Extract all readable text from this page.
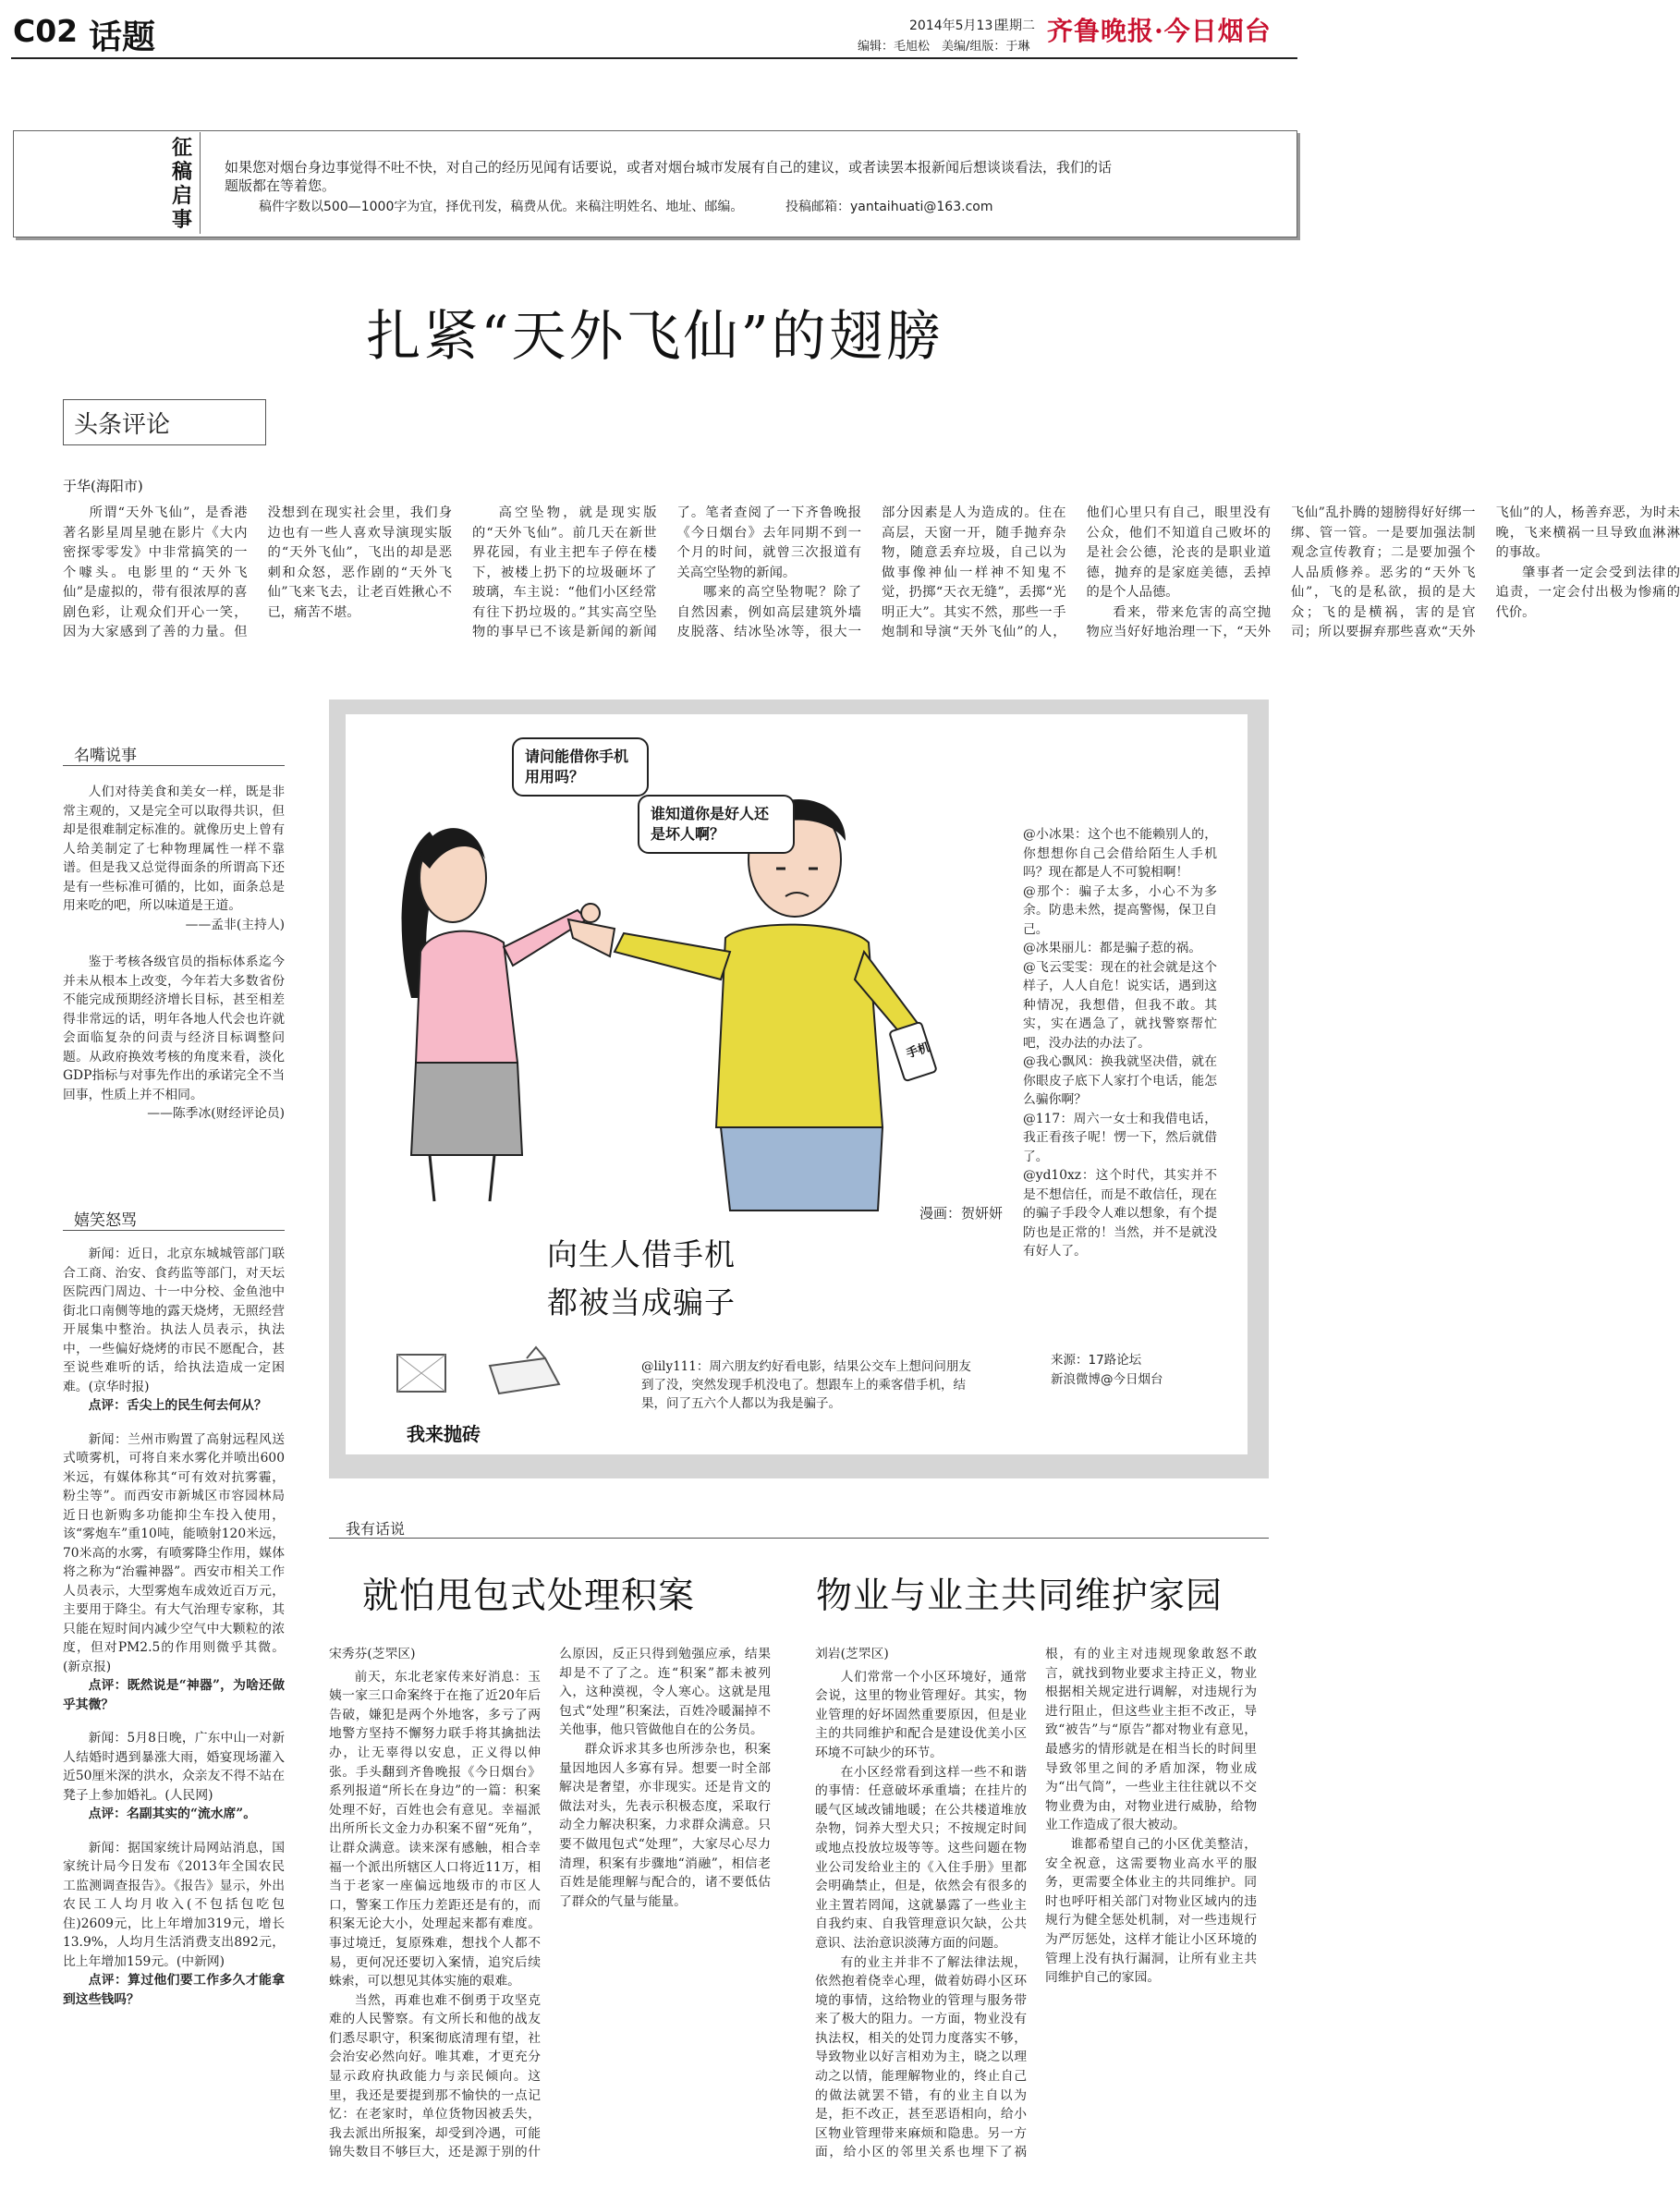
C02 话题	2014年5月13日
星期二
编辑：毛旭松　美编/组版：于琳
齐鲁晚报·今日烟台
征稿启事
如果您对烟台身边事觉得不吐不快，对自己的经历见闻有话要说，或者对烟台城市发展有自己的建议，或者读罢本报新闻后想谈谈看法，我们的话题版都在等着您。
稿件字数以500—1000字为宜，择优刊发，稿费从优。来稿注明姓名、地址、邮编。	投稿邮箱：yantaihuati@163.com
扎紧“天外飞仙”的翅膀
头条评论
于华(海阳市)

所谓“天外飞仙”，是香港著名影星周星驰在影片《大内密探零零发》中非常搞笑的一个噱头。电影里的“天外飞仙”是虚拟的，带有很浓厚的喜剧色彩，让观众们开心一笑，因为大家感到了善的力量。但没想到在现实社会里，我们身边也有一些人喜欢导演现实版的“天外飞仙”，飞出的却是恶刺和众怒，恶作剧的“天外飞仙”飞来飞去，让老百姓揪心不已，痛苦不堪。

高空坠物，就是现实版的“天外飞仙”。前几天在新世界花园，有业主把车子停在楼下，被楼上扔下的垃圾砸坏了玻璃，车主说：“他们小区经常有往下扔垃圾的。”其实高空坠物的事早已不该是新闻的新闻了。笔者查阅了一下齐鲁晚报《今日烟台》去年同期不到一个月的时间，就曾三次报道有关高空坠物的新闻。

哪来的高空坠物呢？除了自然因素，例如高层建筑外墙皮脱落、结冰坠冰等，很大一部分因素是人为造成的。住在高层，天窗一开，随手抛弃杂物，随意丢弃垃圾，自己以为做事像神仙一样神不知鬼不觉，扔掷“天衣无缝”，丢掷“光明正大”。其实不然，那些一手炮制和导演“天外飞仙”的人，他们心里只有自己，眼里没有公众，他们不知道自己败坏的是社会公德，沦丧的是职业道德，抛弃的是家庭美德，丢掉的是个人品德。

看来，带来危害的高空抛物应当好好地治理一下，“天外飞仙”乱扑腾的翅膀得好好绑一绑、管一管。一是要加强法制观念宣传教育；二是要加强个人品质修养。恶劣的“天外飞仙”，飞的是私欲，损的是大众；飞的是横祸，害的是官司；所以要摒弃那些喜欢“天外飞仙”的人，杨善弃恶，为时未晚，飞来横祸一旦导致血淋淋的事故。

肇事者一定会受到法律的追责，一定会付出极为惨痛的代价。

名嘴说事

人们对待美食和美女一样，既是非常主观的，又是完全可以取得共识，但却是很难制定标准的。就像历史上曾有人给美制定了七种物理属性一样不靠谱。但是我又总觉得面条的所谓高下还是有一些标准可循的，比如，面条总是用来吃的吧，所以味道是王道。

——孟非(主持人)

鉴于考核各级官员的指标体系迄今并未从根本上改变，今年若大多数省份不能完成预期经济增长目标，甚至相差得非常远的话，明年各地人代会也许就会面临复杂的问责与经济目标调整问题。从政府换效考核的角度来看，淡化GDP指标与对事先作出的承诺完全不当回事，性质上并不相同。

——陈季冰(财经评论员)

嬉笑怒骂

新闻：近日，北京东城城管部门联合工商、治安、食药监等部门，对天坛医院西门周边、十一中分校、金鱼池中街北口南侧等地的露天烧烤，无照经营开展集中整治。执法人员表示，执法中，一些偏好烧烤的市民不愿配合，甚至说些难听的话，给执法造成一定困难。(京华时报)

点评：舌尖上的民生何去何从？

新闻：兰州市购置了高射远程风送式喷雾机，可将自来水雾化并喷出600米远，有媒体称其“可有效对抗雾霾，粉尘等”。而西安市新城区市容园林局近日也新购多功能抑尘车投入使用，该“雾炮车”重10吨，能喷射120米远，70米高的水雾，有喷雾降尘作用，媒体将之称为“治霾神器”。西安市相关工作人员表示，大型雾炮车成效近百万元，主要用于降尘。有大气治理专家称，其只能在短时间内减少空气中大颗粒的浓度，但对PM2.5的作用则微乎其微。(新京报)

点评：既然说是“神器”，为啥还做乎其微？

新闻：5月8日晚，广东中山一对新人结婚时遇到暴涨大雨，婚宴现场灌入近50厘米深的洪水，众亲友不得不站在凳子上参加婚礼。(人民网)

点评：名副其实的“流水席”。

新闻：据国家统计局网站消息，国家统计局今日发布《2013年全国农民工监测调查报告》。《报告》显示，外出农民工人均月收入(不包括包吃包住)2609元，比上年增加319元，增长13.9%，人均月生活消费支出892元，比上年增加159元。(中新网)

点评：算过他们要工作多久才能拿到这些钱吗？

请问能借你手机用用吗？
谁知道你是好人还是坏人啊？
手机
漫画：贺妍妍
向生人借手机
都被当成骗子
我来抛砖
@lily111：周六朋友约好看电影，结果公交车上想问问朋友到了没，突然发现手机没电了。想跟车上的乘客借手机，结果，问了五六个人都以为我是骗子。

@小冰果：这个也不能赖别人的，你想想你自己会借给陌生人手机吗？现在都是人不可貌相啊！

@那个：骗子太多，小心不为多余。防患未然，提高警惕，保卫自己。

@冰果丽儿：都是骗子惹的祸。

@飞云雯雯：现在的社会就是这个样子，人人自危！说实话，遇到这种情况，我想借，但我不敢。其实，实在遇急了，就找警察帮忙吧，没办法的办法了。

@我心飘风：换我就坚决借，就在你眼皮子底下人家打个电话，能怎么骗你啊？

@117：周六一女士和我借电话，我正看孩子呢！愣一下，然后就借了。

@yd10xz：这个时代，其实并不是不想信任，而是不敢信任，现在的骗子手段令人难以想象，有个提防也是正常的！当然，并不是就没有好人了。

来源：17路论坛
新浪微博@今日烟台
我有话说
就怕甩包式处理积案	物业与业主共同维护家园

宋秀芬(芝罘区)

前天，东北老家传来好消息：玉姨一家三口命案终于在拖了近20年后告破，嫌犯是两个外地客，多亏了两地警方坚持不懈努力联手将其擒拙法办，让无辜得以安息，正义得以伸张。手头翻到齐鲁晚报《今日烟台》系列报道“所长在身边”的一篇：积案处理不好，百姓也会有意见。幸福派出所所长文金力办积案不留“死角”，让群众满意。读来深有感触，相合幸福一个派出所辖区人口将近11万，相当于老家一座偏远地级市的市区人口，警案工作压力差距还是有的，而积案无论大小，处理起来都有难度。事过境迁，复原殊难，想找个人都不易，更何况还要切入案情，追究后续蛛索，可以想见其体实施的艰难。

当然，再难也难不倒勇于攻坚克难的人民警察。有文所长和他的战友们悉尽职守，积案彻底清理有望，社会治安必然向好。唯其难，才更充分显示政府执政能力与亲民倾向。这里，我还是要提到那不愉快的一点记忆：在老家时，单位货物因被丢失，我去派出所报案，却受到冷遇，可能锦失数目不够巨大，还是源于别的什么原因，反正只得到勉强应承，结果却是不了了之。连“积案”都未被列入，这种漠视，令人寒心。这就是甩包式“处理”积案法，百姓冷暖漏掉不关他事，他只管做他自在的公务员。

群众诉求其多也所涉杂也，积案量因地因人多寡有异。想要一时全部解决是奢望，亦非现实。还是肯文的做法对头，先表示积极态度，采取行动全力解决积案，力求群众满意。只要不做甩包式“处理”，大家尽心尽力清理，积案有步骤地“消融”，相信老百姓是能理解与配合的，诸不要低估了群众的气量与能量。

刘岩(芝罘区)

人们常常一个小区环境好，通常会说，这里的物业管理好。其实，物业管理的好坏固然重要原因，但是业主的共同维护和配合是建设优美小区环境不可缺少的环节。

在小区经常看到这样一些不和谐的事情：任意破坏承重墙；在挂片的暖气区域改铺地暖；在公共楼道堆放杂物，饲养大型犬只；不按规定时间或地点投放垃圾等等。这些问题在物业公司发给业主的《入住手册》里都会明确禁止，但是，依然会有很多的业主置若罔闻，这就暴露了一些业主自我约束、自我管理意识欠缺，公共意识、法治意识淡薄方面的问题。

有的业主并非不了解法律法规，依然抱着侥幸心理，做着妨碍小区环境的事情，这给物业的管理与服务带来了极大的阻力。一方面，物业没有执法权，相关的处罚力度落实不够，导致物业以好言相劝为主，晓之以理动之以情，能理解物业的，终止自己的做法就罢不错，有的业主自以为是，拒不改正，甚至恶语相向，给小区物业管理带来麻烦和隐患。另一方面，给小区的邻里关系也埋下了祸根，有的业主对违规现象敢怒不敢言，就找到物业要求主持正义，物业根据相关规定进行调解，对违规行为进行阻止，但这些业主拒不改正，导致“被告”与“原告”都对物业有意见，最感劣的情形就是在相当长的时间里导致邻里之间的矛盾加深，物业成为“出气筒”，一些业主往往就以不交物业费为由，对物业进行威胁，给物业工作造成了很大被动。

谁都希望自己的小区优美整洁，安全祝意，这需要物业高水平的服务，更需要全体业主的共同维护。同时也呼吁相关部门对物业区域内的违规行为健全惩处机制，对一些违规行为严厉惩处，这样才能让小区环境的管理上没有执行漏洞，让所有业主共同维护自己的家园。
